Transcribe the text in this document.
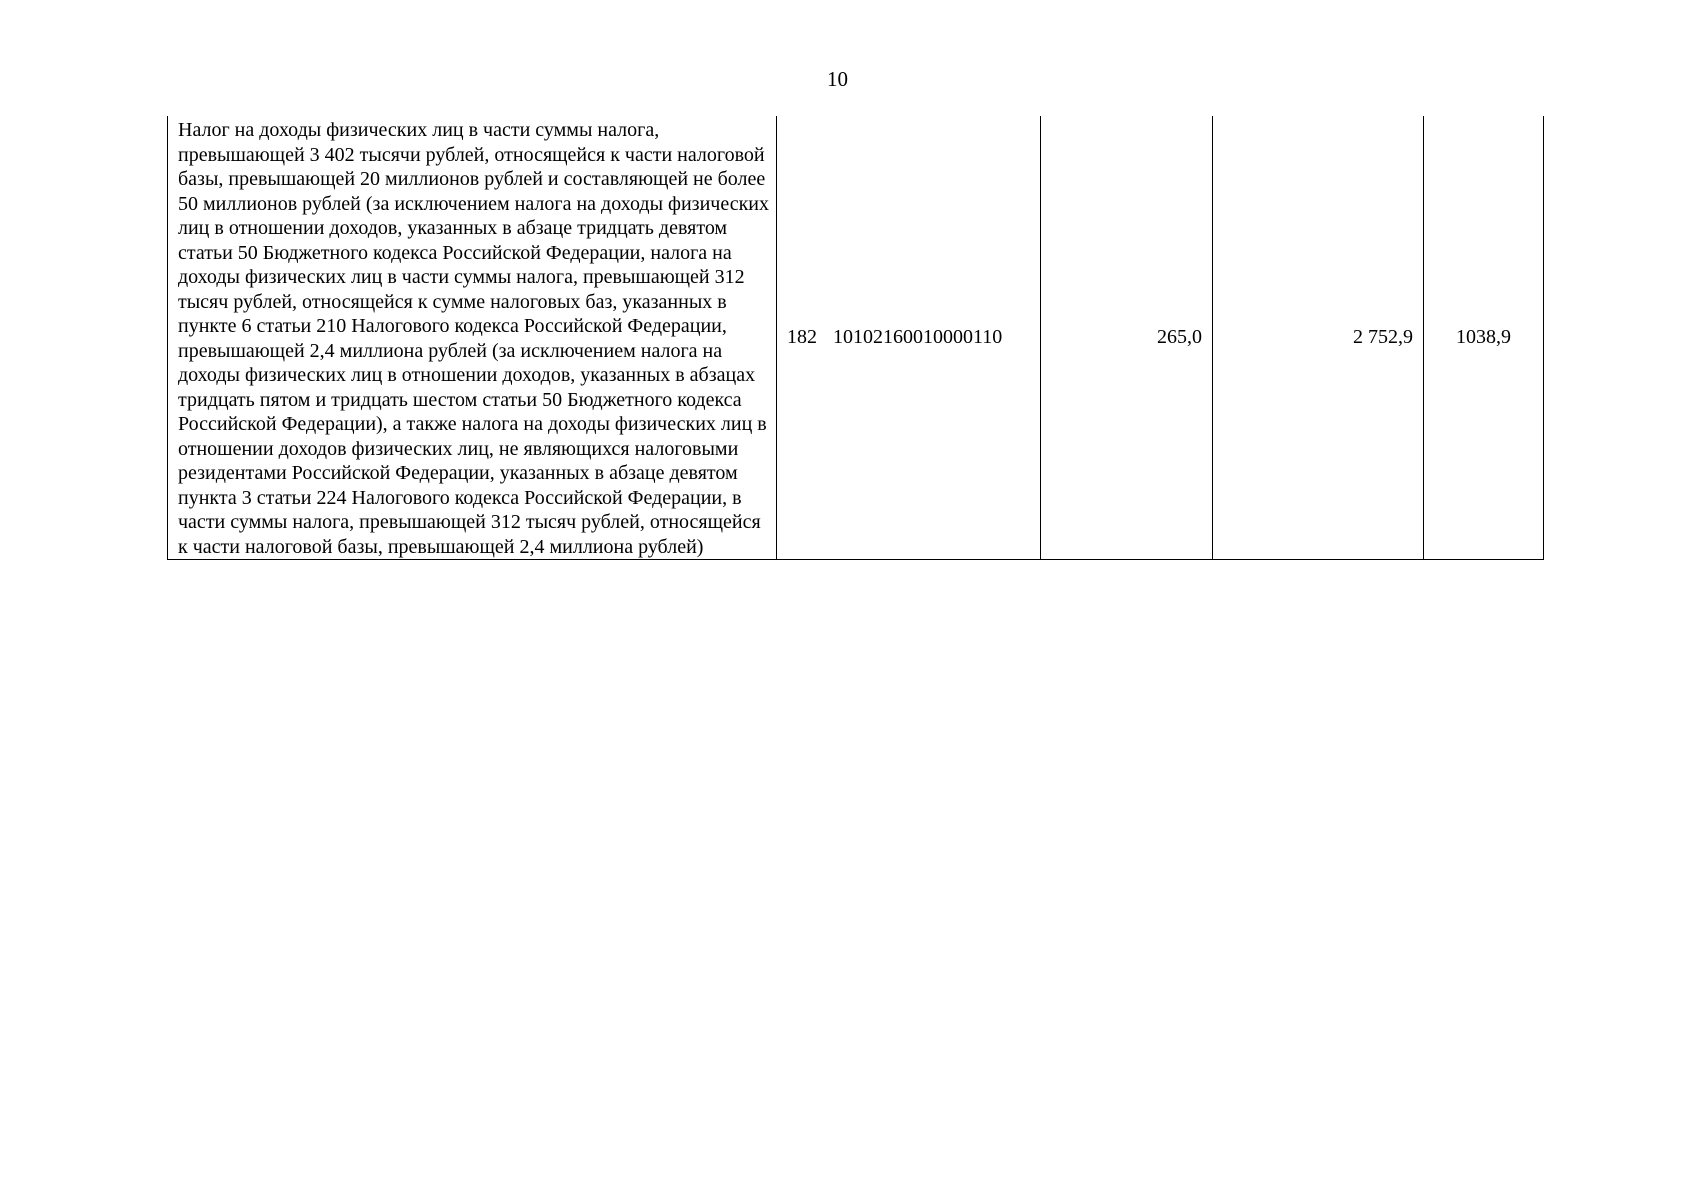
10
Налог на доходы физических лиц в части суммы налога, превышающей 3 402 тысячи рублей, относящейся к части налоговой базы, превышающей 20 миллионов рублей и составляющей не более 50 миллионов рублей (за исключением налога на доходы физических лиц в отношении доходов, указанных в абзаце тридцать девятом статьи 50 Бюджетного кодекса Российской Федерации, налога на доходы физических лиц в части суммы налога, превышающей 312 тысяч рублей, относящейся к сумме налоговых баз, указанных в пункте 6 статьи 210 Налогового кодекса Российской Федерации, превышающей 2,4 миллиона рублей (за исключением налога на доходы физических лиц в отношении доходов, указанных в абзацах тридцать пятом и тридцать шестом статьи 50 Бюджетного кодекса Российской Федерации), а также налога на доходы физических лиц в отношении доходов физических лиц, не являющихся налоговыми резидентами Российской Федерации, указанных в абзаце девятом пункта 3 статьи 224 Налогового кодекса Российской Федерации, в части суммы налога, превышающей 312 тысяч рублей, относящейся к части налоговой базы, превышающей 2,4 миллиона рублей)	182 10102160010000110	265,0	2 752,9	1038,9
